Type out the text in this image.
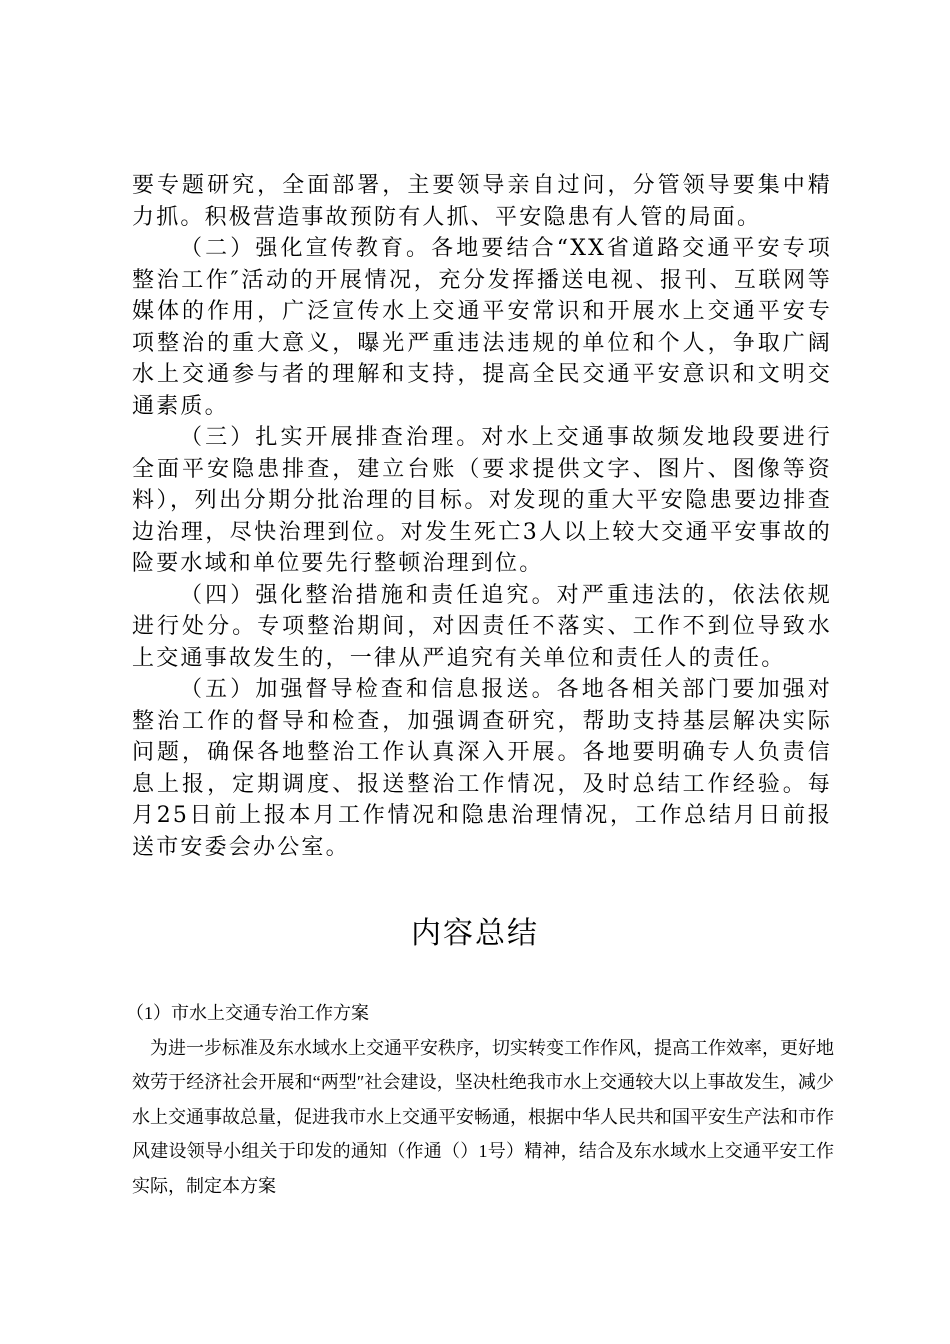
要专题研究，全面部署，主要领导亲自过问，分管领导要集中精力抓。积极营造事故预防有人抓、平安隐患有人管的局面。

（二）强化宣传教育。各地要结合“XX省道路交通平安专项整治工作″活动的开展情况，充分发挥播送电视、报刊、互联网等媒体的作用，广泛宣传水上交通平安常识和开展水上交通平安专项整治的重大意义，曝光严重违法违规的单位和个人，争取广阔水上交通参与者的理解和支持，提高全民交通平安意识和文明交通素质。

（三）扎实开展排查治理。对水上交通事故频发地段要进行全面平安隐患排查，建立台账（要求提供文字、图片、图像等资料），列出分期分批治理的目标。对发现的重大平安隐患要边排查边治理，尽快治理到位。对发生死亡3人以上较大交通平安事故的险要水域和单位要先行整顿治理到位。

（四）强化整治措施和责任追究。对严重违法的，依法依规进行处分。专项整治期间，对因责任不落实、工作不到位导致水上交通事故发生的，一律从严追究有关单位和责任人的责任。

（五）加强督导检查和信息报送。各地各相关部门要加强对整治工作的督导和检查，加强调查研究，帮助支持基层解决实际问题，确保各地整治工作认真深入开展。各地要明确专人负责信息上报，定期调度、报送整治工作情况，及时总结工作经验。每月25日前上报本月工作情况和隐患治理情况，工作总结月日前报送市安委会办公室。

内容总结

（1）市水上交通专治工作方案

为进一步标准及东水域水上交通平安秩序，切实转变工作作风，提高工作效率，更好地效劳于经济社会开展和“两型″社会建设，坚决杜绝我市水上交通较大以上事故发生，减少水上交通事故总量，促进我市水上交通平安畅通，根据中华人民共和国平安生产法和市作风建设领导小组关于印发的通知（作通（）1号）精神，结合及东水域水上交通平安工作实际，制定本方案
